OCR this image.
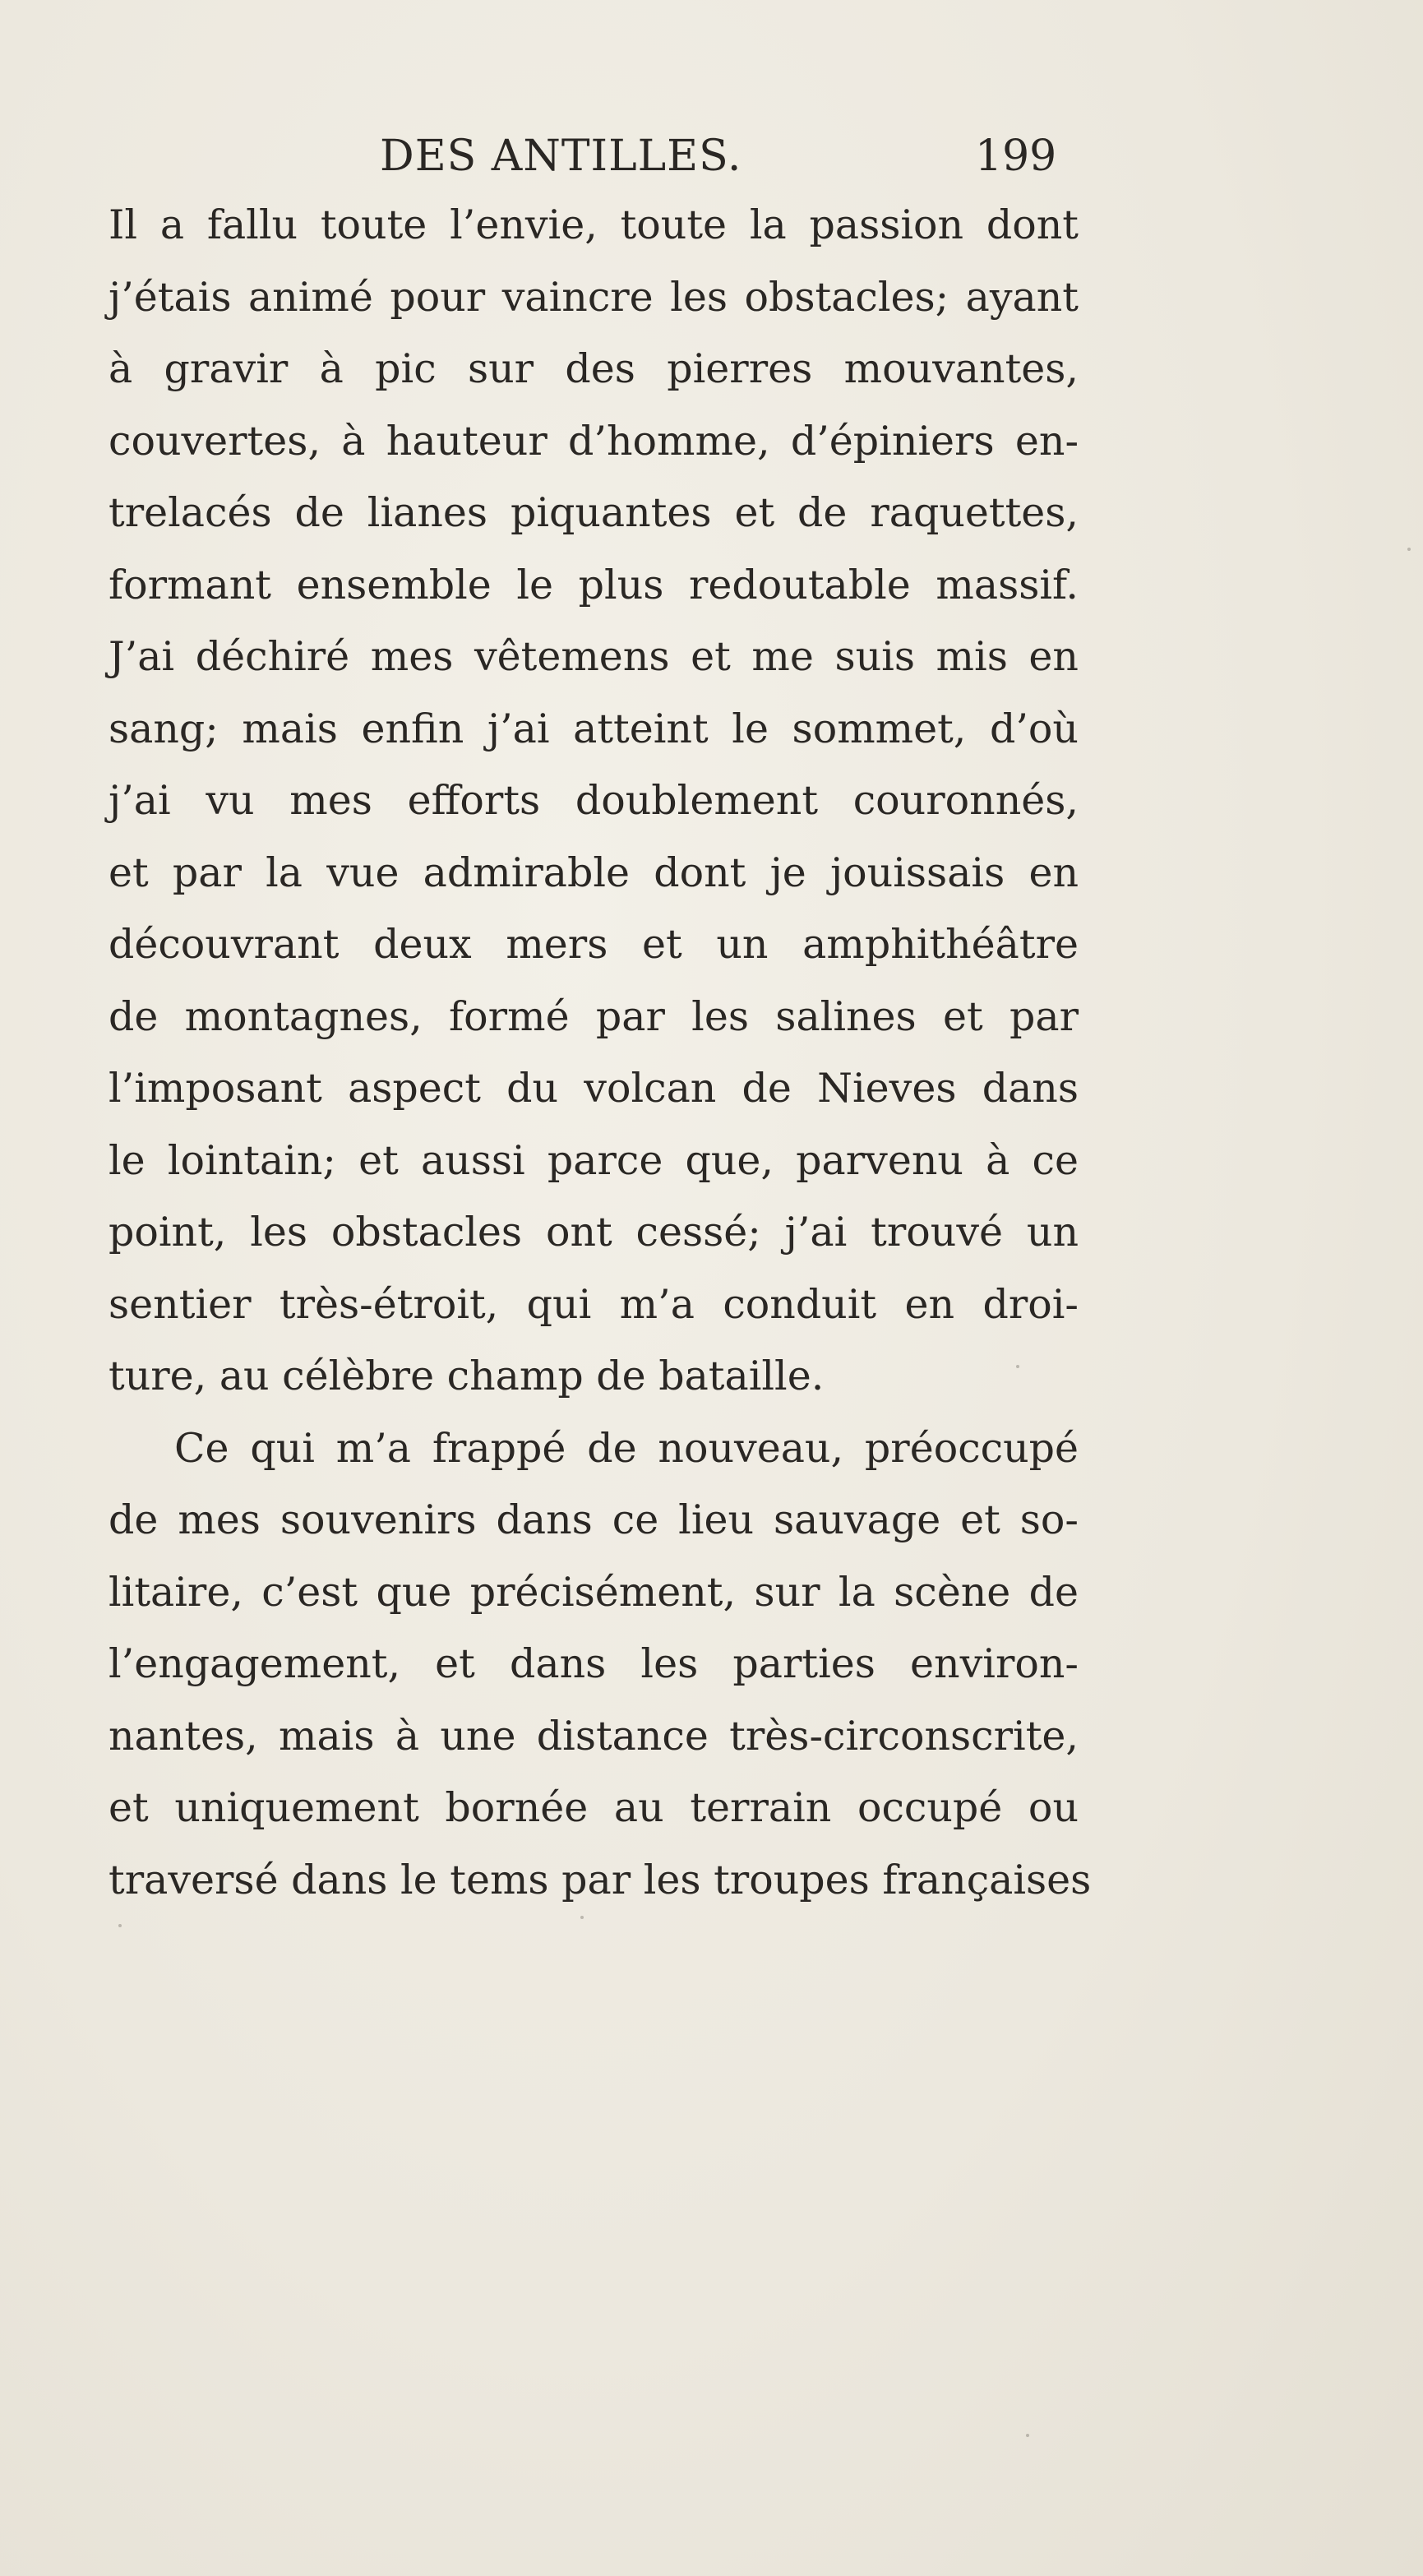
DES ANTILLES.	199
Il a fallu toute l’envie, toute la passion dont
j’étais animé pour vaincre les obstacles; ayant
à gravir à pic sur des pierres mouvantes,
couvertes, à hauteur d’homme, d’épiniers en-
trelacés de lianes piquantes et de raquettes,
formant ensemble le plus redoutable massif.
J’ai déchiré mes vêtemens et me suis mis en
sang; mais enfin j’ai atteint le sommet, d’où
j’ai vu mes efforts doublement couronnés,
et par la vue admirable dont je jouissais en
découvrant deux mers et un amphithéâtre
de montagnes, formé par les salines et par
l’imposant aspect du volcan de Nieves dans
le lointain; et aussi parce que, parvenu à ce
point, les obstacles ont cessé; j’ai trouvé un
sentier très-étroit, qui m’a conduit en droi-
ture, au célèbre champ de bataille.
Ce qui m’a frappé de nouveau, préoccupé
de mes souvenirs dans ce lieu sauvage et so-
litaire, c’est que précisément, sur la scène de
l’engagement, et dans les parties environ-
nantes, mais à une distance très-circonscrite,
et uniquement bornée au terrain occupé ou
traversé dans le tems par les troupes françaises
